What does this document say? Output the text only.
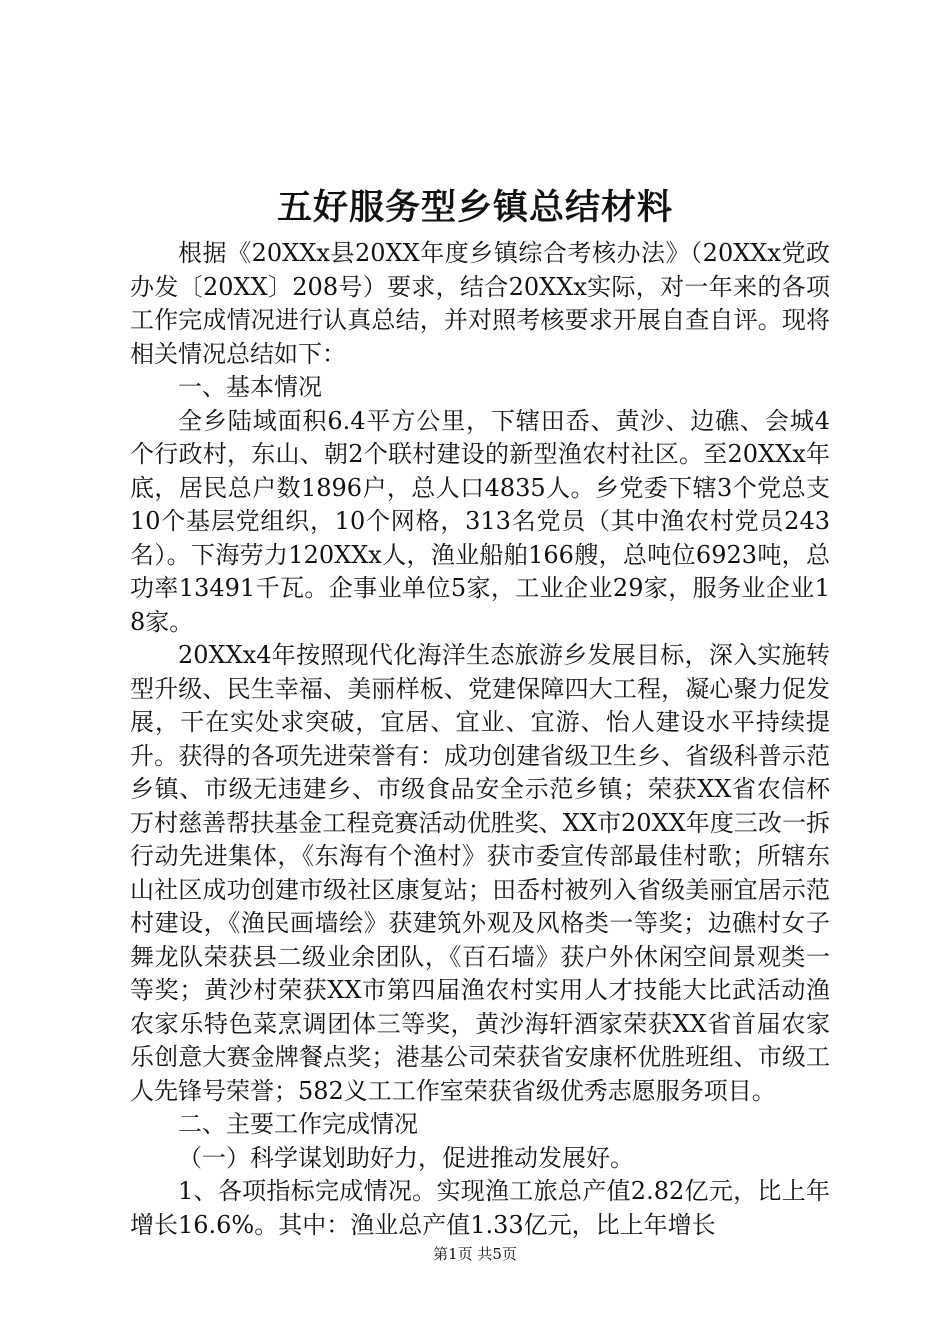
五好服务型乡镇总结材料

根据《20XXx县20XX年度乡镇综合考核办法》（20XXx党政办发〔20XX〕208号）要求，结合20XXx实际，对一年来的各项工作完成情况进行认真总结，并对照考核要求开展自查自评。现将相关情况总结如下：

一、基本情况

全乡陆域面积6.4平方公里，下辖田岙、黄沙、边礁、会城4个行政村，东山、朝2个联村建设的新型渔农村社区。至20XXx年底，居民总户数1896户，总人口4835人。乡党委下辖3个党总支10个基层党组织，10个网格，313名党员（其中渔农村党员243名）。下海劳力120XXx人，渔业船舶166艘，总吨位6923吨，总功率13491千瓦。企事业单位5家，工业企业29家，服务业企业18家。

20XXx4年按照现代化海洋生态旅游乡发展目标，深入实施转型升级、民生幸福、美丽样板、党建保障四大工程，凝心聚力促发展，干在实处求突破，宜居、宜业、宜游、怡人建设水平持续提升。获得的各项先进荣誉有：成功创建省级卫生乡、省级科普示范乡镇、市级无违建乡、市级食品安全示范乡镇；荣获XX省农信杯万村慈善帮扶基金工程竞赛活动优胜奖、XX市20XX年度三改一拆行动先进集体，《东海有个渔村》获市委宣传部最佳村歌；所辖东山社区成功创建市级社区康复站；田岙村被列入省级美丽宜居示范村建设，《渔民画墙绘》获建筑外观及风格类一等奖；边礁村女子舞龙队荣获县二级业余团队，《百石墙》获户外休闲空间景观类一等奖；黄沙村荣获XX市第四届渔农村实用人才技能大比武活动渔农家乐特色菜烹调团体三等奖，黄沙海轩酒家荣获XX省首届农家乐创意大赛金牌餐点奖；港基公司荣获省安康杯优胜班组、市级工人先锋号荣誉；582义工工作室荣获省级优秀志愿服务项目。

二、主要工作完成情况

（一）科学谋划助好力，促进推动发展好。

1、各项指标完成情况。实现渔工旅总产值2.82亿元，比上年增长16.6%。其中：渔业总产值1.33亿元，比上年增长

第1页 共5页
